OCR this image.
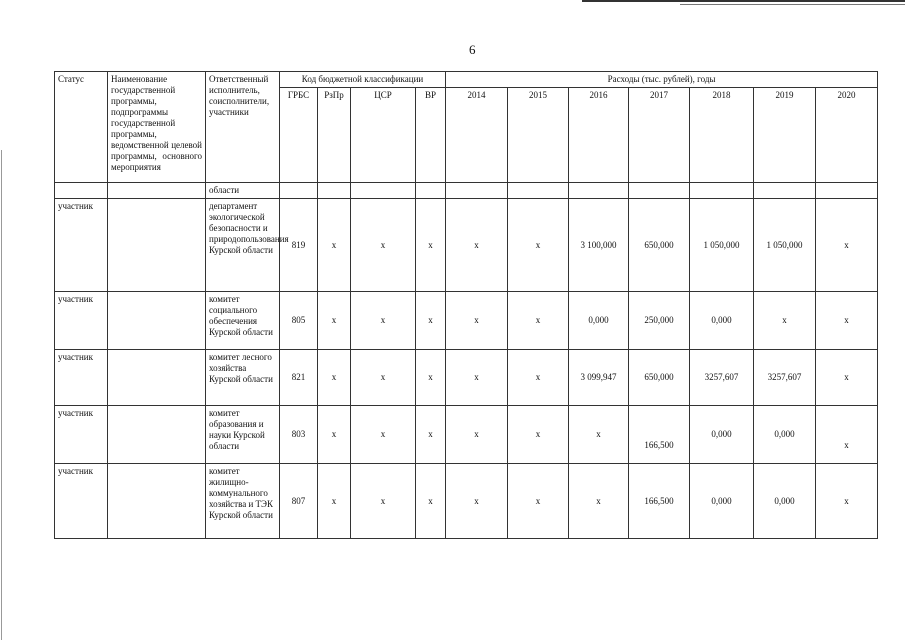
6
Статус	Наименование государственной программы, подпрограммы государственной программы, ведомственной целевой программы, основного мероприятия	Ответственный исполнитель, соисполнители, участники	Код бюджетной классификации				Расходы (тыс. рублей), годы						
			ГРБС	РзПр	ЦСР	ВР	2014	2015	2016	2017	2018	2019	2020
		области											
участник		департамент экологической безопасности и природопользования Курской области	819	x	x	x	x	x	3 100,000	650,000	1 050,000	1 050,000	x
участник		комитет социального обеспечения Курской области	805	x	x	x	x	x	0,000	250,000	0,000	x	x
участник		комитет лесного хозяйства Курской области	821	x	x	x	x	x	3 099,947	650,000	3257,607	3257,607	x
участник		комитет образования и науки Курской области	803	x	x	x	x	x	x	166,500	0,000	0,000	x
участник		комитет жилищно-коммунального хозяйства и ТЭК Курской области	807	x	x	x	x	x	x	166,500	0,000	0,000	x
